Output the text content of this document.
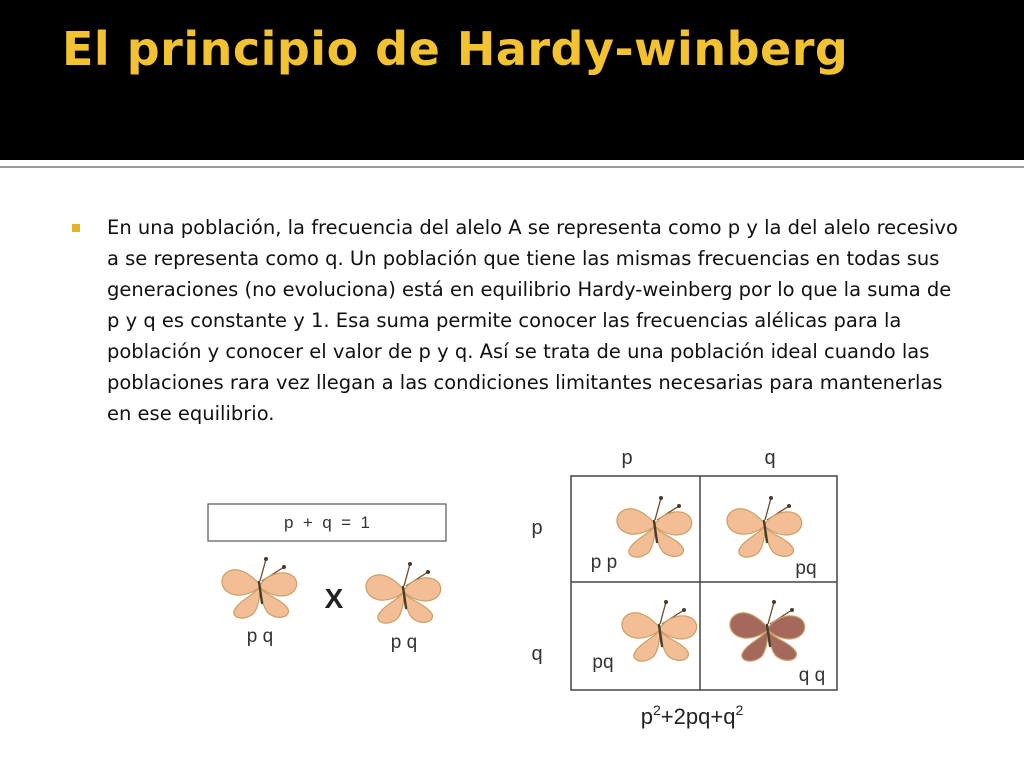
El principio de Hardy-winberg

En una población, la frecuencia del alelo A se representa como p y la del alelo recesivo a se representa como q. Un población que tiene las mismas frecuencias en todas sus generaciones (no evoluciona) está en equilibrio Hardy-weinberg por lo que la suma de p y q es constante y 1. Esa suma permite conocer las frecuencias alélicas para la población y conocer el valor de p y q. Así se trata de una población ideal cuando las poblaciones rara vez llegan a las condiciones limitantes necesarias para mantenerlas en ese equilibrio.

p  +  q  =  1
p q
X
p q
p	q
p
q
p p	pq
pq
q q
$p^2+2pq+q^2$
